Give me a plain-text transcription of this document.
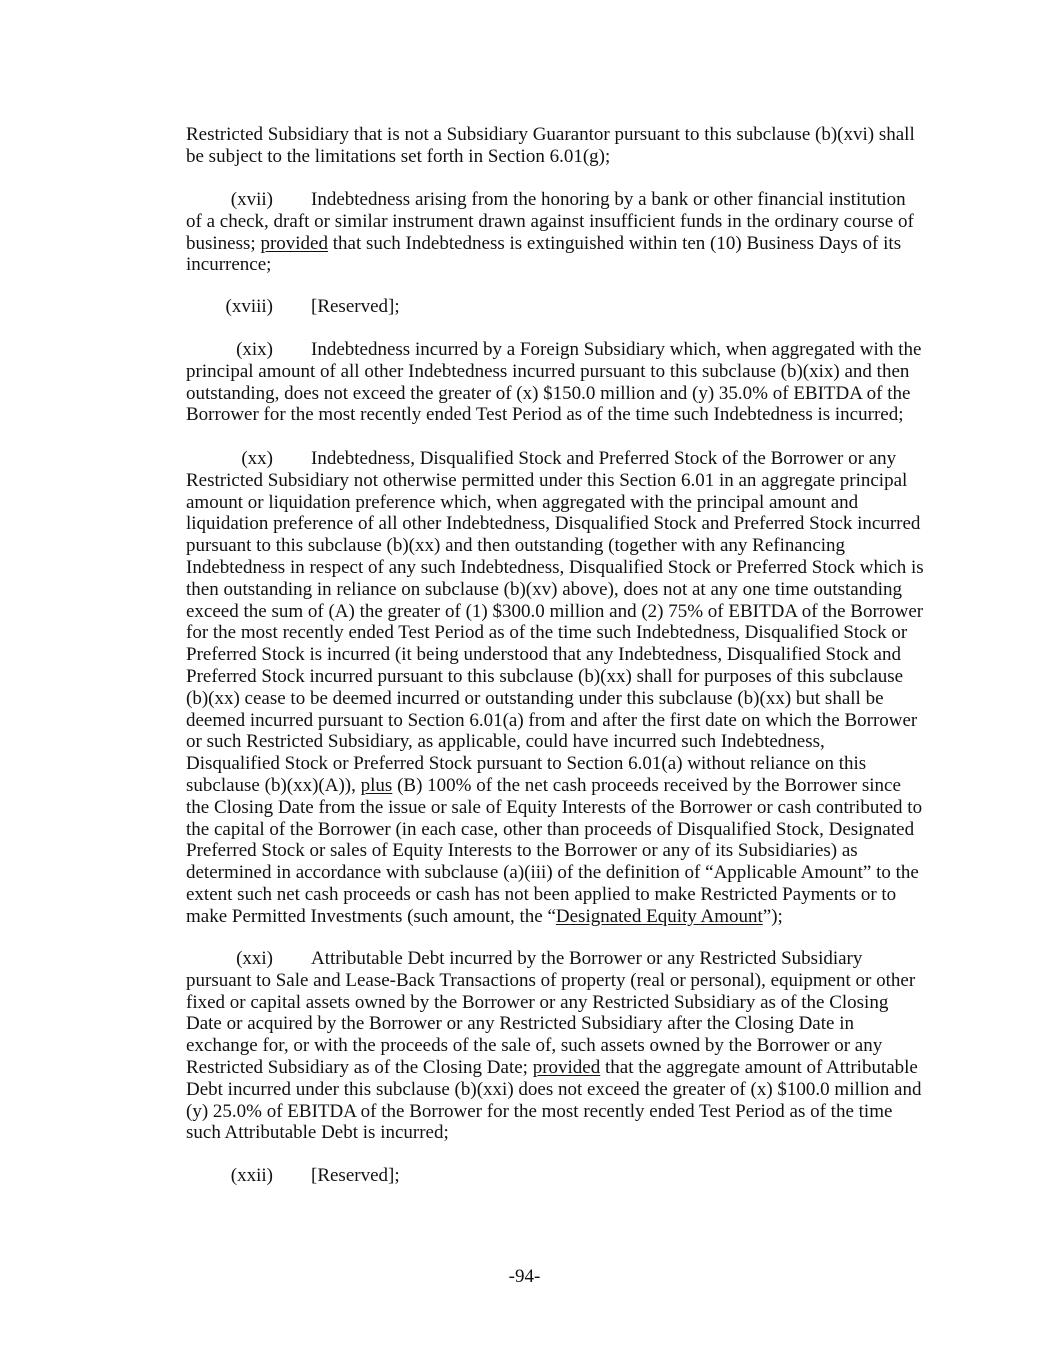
Restricted Subsidiary that is not a Subsidiary Guarantor pursuant to this subclause (b)(xvi) shall
be subject to the limitations set forth in Section 6.01(g);
(xvii) Indebtedness arising from the honoring by a bank or other financial institution
of a check, draft or similar instrument drawn against insufficient funds in the ordinary course of
business; provided that such Indebtedness is extinguished within ten (10) Business Days of its
incurrence;
(xviii) [Reserved];
(xix) Indebtedness incurred by a Foreign Subsidiary which, when aggregated with the
principal amount of all other Indebtedness incurred pursuant to this subclause (b)(xix) and then
outstanding, does not exceed the greater of (x) $150.0 million and (y) 35.0% of EBITDA of the
Borrower for the most recently ended Test Period as of the time such Indebtedness is incurred;
(xx) Indebtedness, Disqualified Stock and Preferred Stock of the Borrower or any
Restricted Subsidiary not otherwise permitted under this Section 6.01 in an aggregate principal
amount or liquidation preference which, when aggregated with the principal amount and
liquidation preference of all other Indebtedness, Disqualified Stock and Preferred Stock incurred
pursuant to this subclause (b)(xx) and then outstanding (together with any Refinancing
Indebtedness in respect of any such Indebtedness, Disqualified Stock or Preferred Stock which is
then outstanding in reliance on subclause (b)(xv) above), does not at any one time outstanding
exceed the sum of (A) the greater of (1) $300.0 million and (2) 75% of EBITDA of the Borrower
for the most recently ended Test Period as of the time such Indebtedness, Disqualified Stock or
Preferred Stock is incurred (it being understood that any Indebtedness, Disqualified Stock and
Preferred Stock incurred pursuant to this subclause (b)(xx) shall for purposes of this subclause
(b)(xx) cease to be deemed incurred or outstanding under this subclause (b)(xx) but shall be
deemed incurred pursuant to Section 6.01(a) from and after the first date on which the Borrower
or such Restricted Subsidiary, as applicable, could have incurred such Indebtedness,
Disqualified Stock or Preferred Stock pursuant to Section 6.01(a) without reliance on this
subclause (b)(xx)(A)), plus (B) 100% of the net cash proceeds received by the Borrower since
the Closing Date from the issue or sale of Equity Interests of the Borrower or cash contributed to
the capital of the Borrower (in each case, other than proceeds of Disqualified Stock, Designated
Preferred Stock or sales of Equity Interests to the Borrower or any of its Subsidiaries) as
determined in accordance with subclause (a)(iii) of the definition of “Applicable Amount” to the
extent such net cash proceeds or cash has not been applied to make Restricted Payments or to
make Permitted Investments (such amount, the “Designated Equity Amount”);
(xxi) Attributable Debt incurred by the Borrower or any Restricted Subsidiary
pursuant to Sale and Lease-Back Transactions of property (real or personal), equipment or other
fixed or capital assets owned by the Borrower or any Restricted Subsidiary as of the Closing
Date or acquired by the Borrower or any Restricted Subsidiary after the Closing Date in
exchange for, or with the proceeds of the sale of, such assets owned by the Borrower or any
Restricted Subsidiary as of the Closing Date; provided that the aggregate amount of Attributable
Debt incurred under this subclause (b)(xxi) does not exceed the greater of (x) $100.0 million and
(y) 25.0% of EBITDA of the Borrower for the most recently ended Test Period as of the time
such Attributable Debt is incurred;
(xxii) [Reserved];
-94-
